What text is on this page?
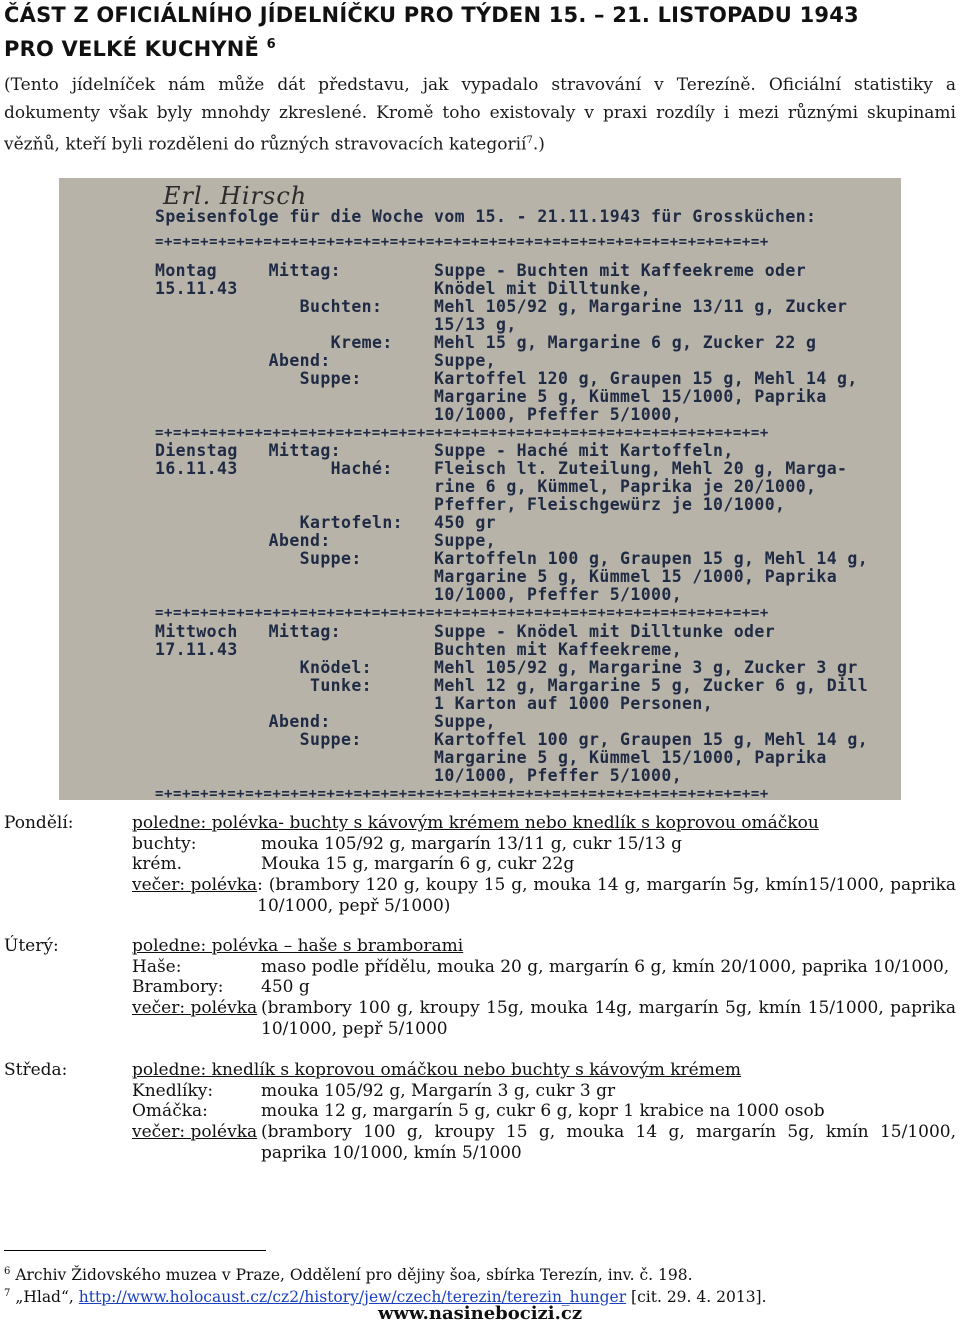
ČÁST Z OFICIÁLNÍHO JÍDELNÍČKU PRO TÝDEN 15. – 21. LISTOPADU 1943
PRO VELKÉ KUCHYNĚ $^6$
(Tento jídelníček nám může dát představu, jak vypadalo stravování v Terezíně. Oficiální statistiky a dokumenty však byly mnohdy zkreslené. Kromě toho existovaly v praxi rozdíly i mezi různými skupinami vězňů, kteří byli rozděleni do různých stravovacích kategorií$^7$.)
Erl. Hirsch
Speisenfolge für die Woche vom 15. - 21.11.1943 für Grossküchen:
=+=+=+=+=+=+=+=+=+=+=+=+=+=+=+=+=+=+=+=+=+=+=+=+=+=+=+=+=+=+=+=+=+=+
Montag     Mittag:         Suppe - Buchten mit Kaffeekreme oder
15.11.43                   Knödel mit Dilltunke,
Buchten:     Mehl 105/92 g, Margarine 13/11 g, Zucker
15/13 g,
Kreme:    Mehl 15 g, Margarine 6 g, Zucker 22 g
Abend:          Suppe,
Suppe:       Kartoffel 120 g, Graupen 15 g, Mehl 14 g,
Margarine 5 g, Kümmel 15/1000, Paprika
10/1000, Pfeffer 5/1000,
=+=+=+=+=+=+=+=+=+=+=+=+=+=+=+=+=+=+=+=+=+=+=+=+=+=+=+=+=+=+=+=+=+=+
Dienstag   Mittag:         Suppe - Haché mit Kartoffeln,
16.11.43         Haché:    Fleisch lt. Zuteilung, Mehl 20 g, Marga-
rine 6 g, Kümmel, Paprika je 20/1000,
Pfeffer, Fleischgewürz je 10/1000,
Kartofeln:   450 gr
Abend:          Suppe,
Suppe:       Kartoffeln 100 g, Graupen 15 g, Mehl 14 g,
Margarine 5 g, Kümmel 15 /1000, Paprika
10/1000, Pfeffer 5/1000,
=+=+=+=+=+=+=+=+=+=+=+=+=+=+=+=+=+=+=+=+=+=+=+=+=+=+=+=+=+=+=+=+=+=+
Mittwoch   Mittag:         Suppe - Knödel mit Dilltunke oder
17.11.43                   Buchten mit Kaffeekreme,
Knödel:      Mehl 105/92 g, Margarine 3 g, Zucker 3 gr
Tunke:      Mehl 12 g, Margarine 5 g, Zucker 6 g, Dill
1 Karton auf 1000 Personen,
Abend:          Suppe,
Suppe:       Kartoffel 100 gr, Graupen 15 g, Mehl 14 g,
Margarine 5 g, Kümmel 15/1000, Paprika
10/1000, Pfeffer 5/1000,
=+=+=+=+=+=+=+=+=+=+=+=+=+=+=+=+=+=+=+=+=+=+=+=+=+=+=+=+=+=+=+=+=+=+
Pondělí:	poledne: polévka- buchty s kávovým krémem nebo knedlík s koprovou omáčkou
buchty:	mouka 105/92 g, margarín 13/11 g, cukr 15/13 g
krém.	Mouka 15 g, margarín 6 g, cukr 22g
večer: polévka : (brambory 120 g, koupy 15 g, mouka 14 g, margarín 5g, kmín15/1000, paprika 10/1000, pepř 5/1000)
Úterý:	poledne: polévka – haše s bramborami
Haše:	maso podle přídělu, mouka 20 g, margarín 6 g, kmín 20/1000, paprika 10/1000,
Brambory:	450 g
večer: polévka (brambory 100 g, kroupy 15g, mouka 14g, margarín 5g, kmín 15/1000, paprika 10/1000, pepř 5/1000
Středa:	poledne: knedlík s koprovou omáčkou nebo buchty s kávovým krémem
Knedlíky:	mouka 105/92 g, Margarín 3 g, cukr 3 gr
Omáčka:	mouka 12 g, margarín 5 g, cukr 6 g, kopr 1 krabice na 1000 osob
večer: polévka (brambory 100 g, kroupy 15 g, mouka 14 g, margarín 5g, kmín 15/1000, paprika 10/1000, kmín 5/1000
$^6$ Archiv Židovského muzea v Praze, Oddělení pro dějiny šoa, sbírka Terezín, inv. č. 198.
$^7$ „Hlad“, http://www.holocaust.cz/cz2/history/jew/czech/terezin/terezin_hunger [cit. 29. 4. 2013].
www.nasinebocizi.cz
